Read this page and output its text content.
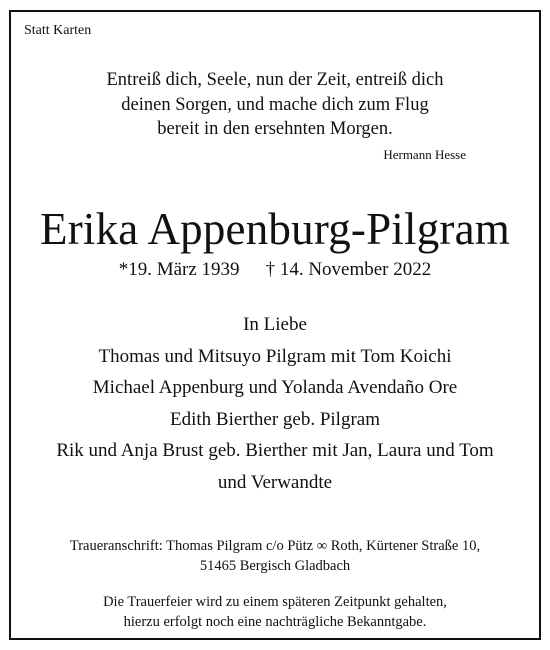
Statt Karten
Entreiß dich, Seele, nun der Zeit, entreiß dich
deinen Sorgen, und mache dich zum Flug
bereit in den ersehnten Morgen.
Hermann Hesse
Erika Appenburg-Pilgram
*19. März 1939 † 14. November 2022
In Liebe
Thomas und Mitsuyo Pilgram mit Tom Koichi
Michael Appenburg und Yolanda Avendaño Ore
Edith Bierther geb. Pilgram
Rik und Anja Brust geb. Bierther mit Jan, Laura und Tom
und Verwandte
Traueranschrift: Thomas Pilgram c/o Pütz ∞ Roth, Kürtener Straße 10,
51465 Bergisch Gladbach
Die Trauerfeier wird zu einem späteren Zeitpunkt gehalten,
hierzu erfolgt noch eine nachträgliche Bekanntgabe.
